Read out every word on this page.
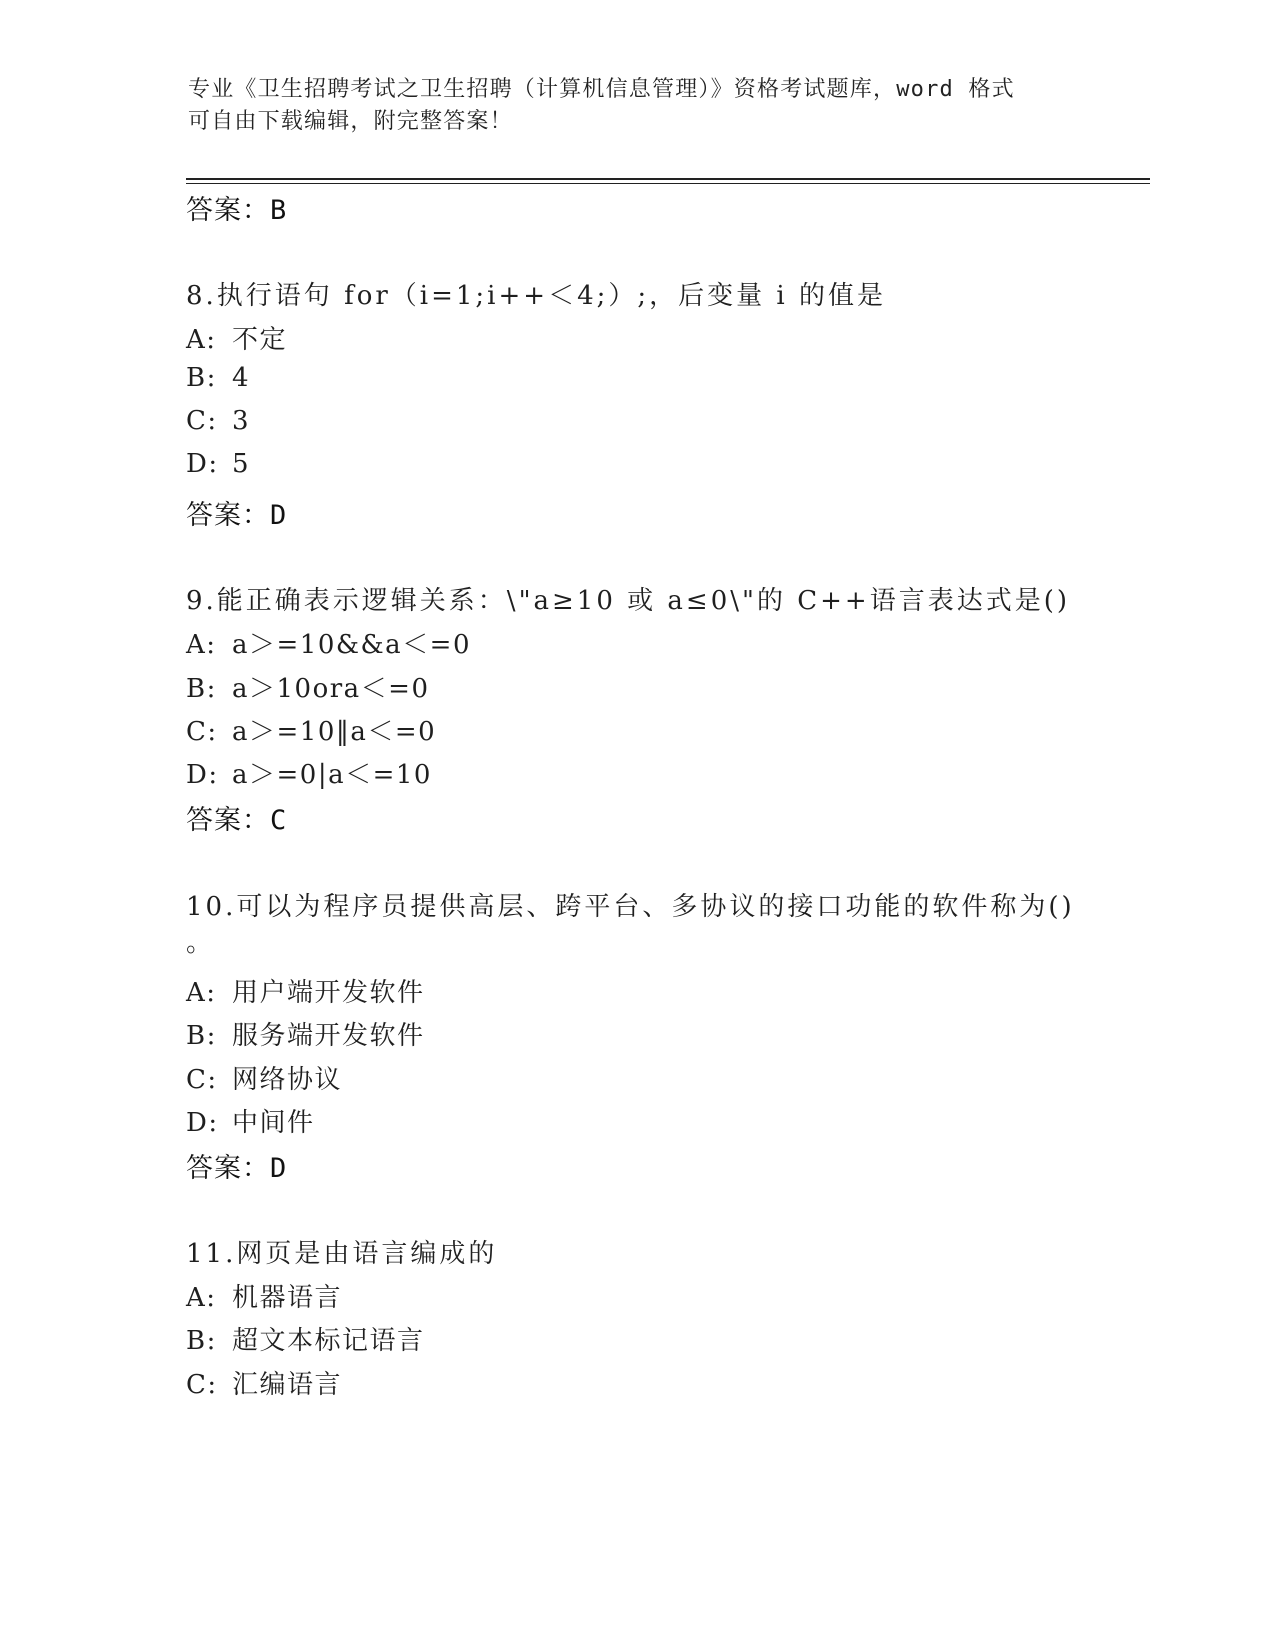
专业《卫生招聘考试之卫生招聘（计算机信息管理）》资格考试题库，word 格式
可自由下载编辑，附完整答案！
答案：B
8.执行语句 for（i=1;i++＜4;）;，后变量 i 的值是
A: 不定
B: 4
C: 3
D: 5
答案：D
9.能正确表示逻辑关系：\"a≥10 或 a≤0\"的 C++语言表达式是()
A: a＞=10&&a＜=0
B: a＞10ora＜=0
C: a＞=10‖a＜=0
D: a＞=0|a＜=10
答案：C
10.可以为程序员提供高层、跨平台、多协议的接口功能的软件称为()
。
A: 用户端开发软件
B: 服务端开发软件
C: 网络协议
D: 中间件
答案：D
11.网页是由语言编成的
A: 机器语言
B: 超文本标记语言
C: 汇编语言
